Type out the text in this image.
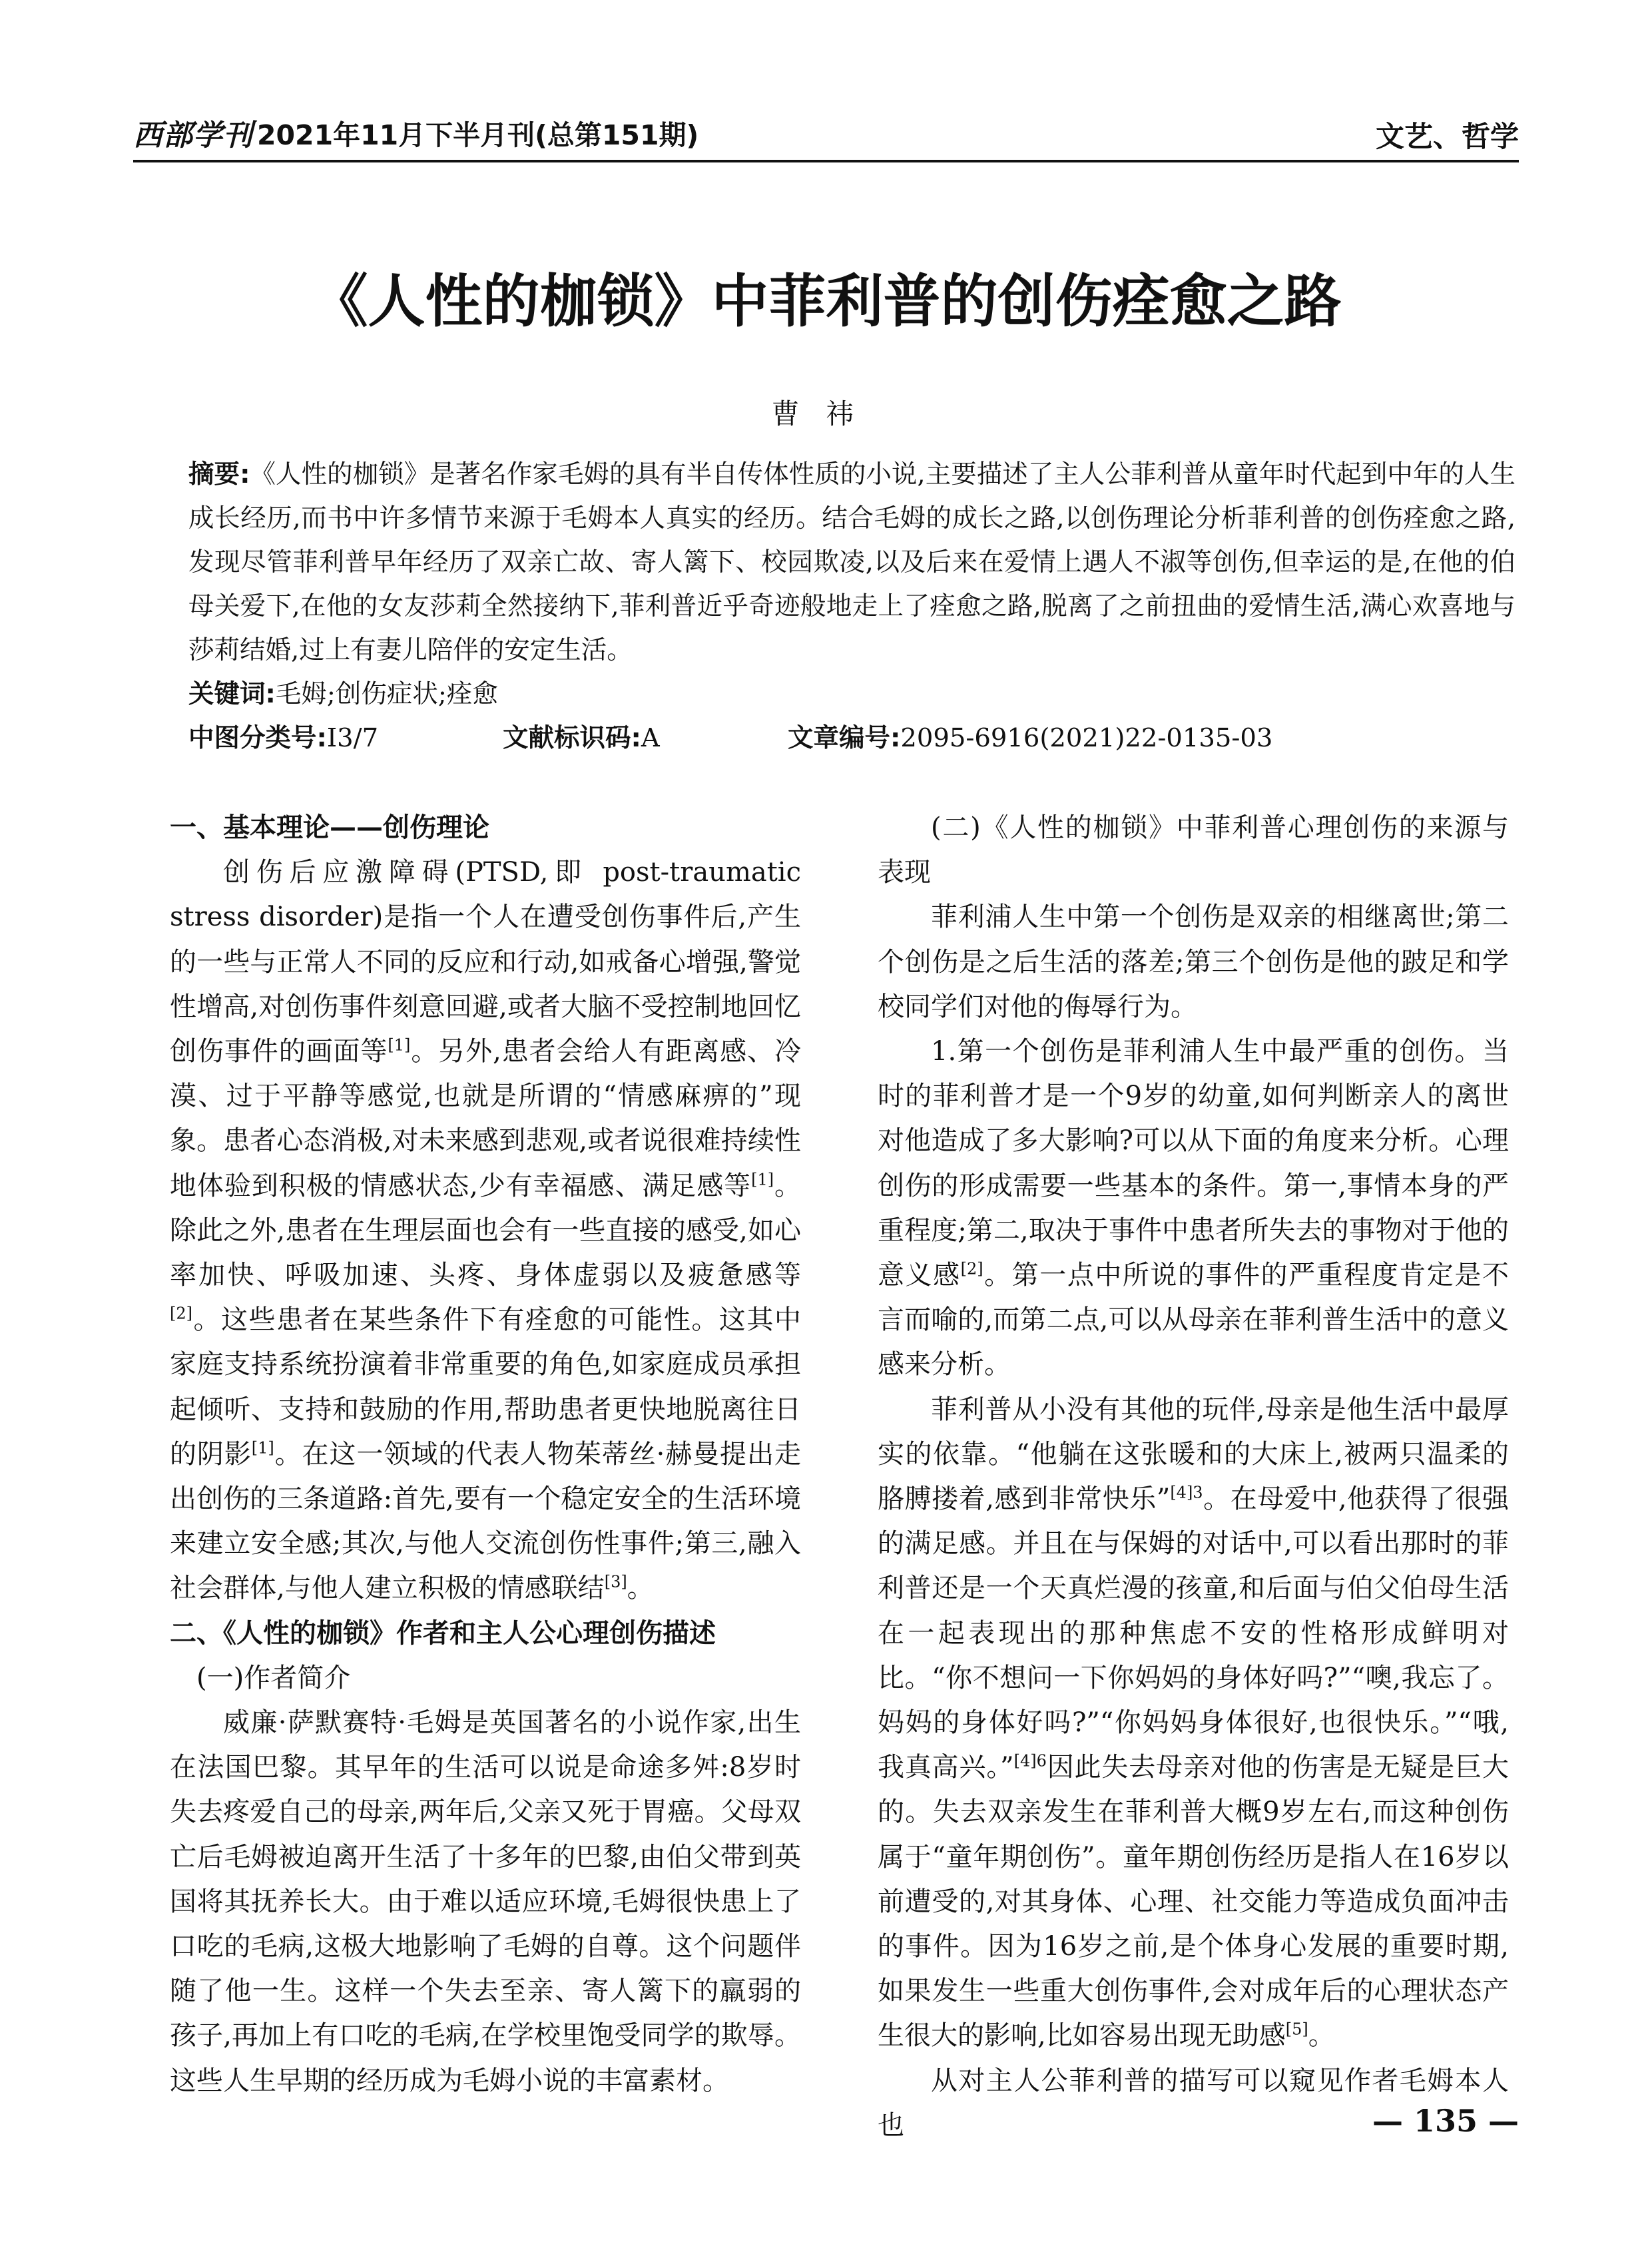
西部学刊 2021年11月下半月刊(总第151期)	文艺、哲学
《人性的枷锁》中菲利普的创伤痊愈之路
曹祎
摘要:《人性的枷锁》是著名作家毛姆的具有半自传体性质的小说,主要描述了主人公菲利普从童年时代起到中年的人生成长经历,而书中许多情节来源于毛姆本人真实的经历。结合毛姆的成长之路,以创伤理论分析菲利普的创伤痊愈之路,发现尽管菲利普早年经历了双亲亡故、寄人篱下、校园欺凌,以及后来在爱情上遇人不淑等创伤,但幸运的是,在他的伯母关爱下,在他的女友莎莉全然接纳下,菲利普近乎奇迹般地走上了痊愈之路,脱离了之前扭曲的爱情生活,满心欢喜地与莎莉结婚,过上有妻儿陪伴的安定生活。
关键词:毛姆;创伤症状;痊愈
中图分类号:I3/7	文献标识码:A	文章编号:2095-6916(2021)22-0135-03

一、基本理论——创伤理论

创伤后应激障碍(PTSD,即 post-traumatic stress disorder)是指一个人在遭受创伤事件后,产生的一些与正常人不同的反应和行动,如戒备心增强,警觉性增高,对创伤事件刻意回避,或者大脑不受控制地回忆创伤事件的画面等[1]。另外,患者会给人有距离感、冷漠、过于平静等感觉,也就是所谓的“情感麻痹的”现象。患者心态消极,对未来感到悲观,或者说很难持续性地体验到积极的情感状态,少有幸福感、满足感等[1]。除此之外,患者在生理层面也会有一些直接的感受,如心率加快、呼吸加速、头疼、身体虚弱以及疲惫感等[2]。这些患者在某些条件下有痊愈的可能性。这其中家庭支持系统扮演着非常重要的角色,如家庭成员承担起倾听、支持和鼓励的作用,帮助患者更快地脱离往日的阴影[1]。在这一领域的代表人物茱蒂丝·赫曼提出走出创伤的三条道路:首先,要有一个稳定安全的生活环境来建立安全感;其次,与他人交流创伤性事件;第三,融入社会群体,与他人建立积极的情感联结[3]。

二、《人性的枷锁》作者和主人公心理创伤描述

(一)作者简介

威廉·萨默赛特·毛姆是英国著名的小说作家,出生在法国巴黎。其早年的生活可以说是命途多舛:8岁时失去疼爱自己的母亲,两年后,父亲又死于胃癌。父母双亡后毛姆被迫离开生活了十多年的巴黎,由伯父带到英国将其抚养长大。由于难以适应环境,毛姆很快患上了口吃的毛病,这极大地影响了毛姆的自尊。这个问题伴随了他一生。这样一个失去至亲、寄人篱下的羸弱的孩子,再加上有口吃的毛病,在学校里饱受同学的欺辱。这些人生早期的经历成为毛姆小说的丰富素材。

(二)《人性的枷锁》中菲利普心理创伤的来源与表现

菲利浦人生中第一个创伤是双亲的相继离世;第二个创伤是之后生活的落差;第三个创伤是他的跛足和学校同学们对他的侮辱行为。

1.第一个创伤是菲利浦人生中最严重的创伤。当时的菲利普才是一个9岁的幼童,如何判断亲人的离世对他造成了多大影响?可以从下面的角度来分析。心理创伤的形成需要一些基本的条件。第一,事情本身的严重程度;第二,取决于事件中患者所失去的事物对于他的意义感[2]。第一点中所说的事件的严重程度肯定是不言而喻的,而第二点,可以从母亲在菲利普生活中的意义感来分析。

菲利普从小没有其他的玩伴,母亲是他生活中最厚实的依靠。“他躺在这张暖和的大床上,被两只温柔的胳膊搂着,感到非常快乐”$^{[4]3}$。在母爱中,他获得了很强的满足感。并且在与保姆的对话中,可以看出那时的菲利普还是一个天真烂漫的孩童,和后面与伯父伯母生活在一起表现出的那种焦虑不安的性格形成鲜明对比。“你不想问一下你妈妈的身体好吗?”“噢,我忘了。妈妈的身体好吗?”“你妈妈身体很好,也很快乐。”“哦,我真高兴。”$^{[4]6}$因此失去母亲对他的伤害是无疑是巨大的。失去双亲发生在菲利普大概9岁左右,而这种创伤属于“童年期创伤”。童年期创伤经历是指人在16岁以前遭受的,对其身体、心理、社交能力等造成负面冲击的事件。因为16岁之前,是个体身心发展的重要时期,如果发生一些重大创伤事件,会对成年后的心理状态产生很大的影响,比如容易出现无助感[5]。

从对主人公菲利普的描写可以窥见作者毛姆本人也	— 135 —
